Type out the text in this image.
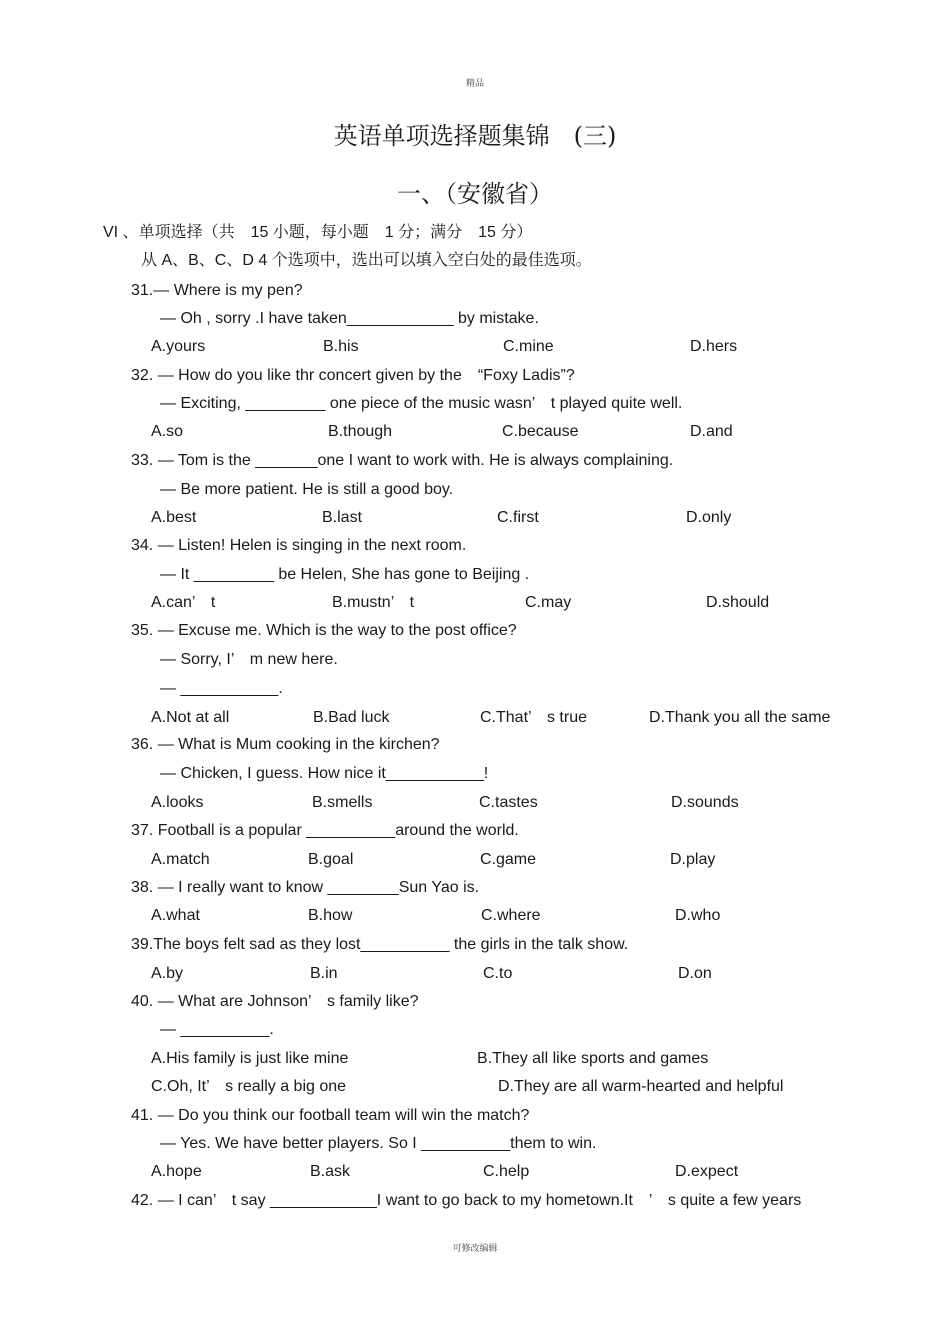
精品
英语单项选择题集锦　(三)
一、（安徽省）
VI 、单项选择（共　15 小题，每小题　1 分；满分　15 分）
从 A、B、C、D 4 个选项中，选出可以填入空白处的最佳选项。
31.— Where is my pen?
— Oh , sorry .I have taken____________ by mistake.
A.yours	B.his	C.mine	D.hers
32. — How do you like thr concert given by the　“Foxy Ladis”?
— Exciting, _________ one piece of the music wasn’　t played quite well.
A.so	B.though	C.because	D.and
33. — Tom is the _______one I want to work with. He is always complaining.
— Be more patient. He is still a good boy.
A.best	B.last	C.first	D.only
34. — Listen! Helen is singing in the next room.
— It _________ be Helen, She has gone to Beijing .
A.can’　t	B.mustn’　t	C.may	D.should
35. — Excuse me. Which is the way to the post office?
— Sorry, I’　m new here.
— ___________.
A.Not at all	B.Bad luck	C.That’　s true	D.Thank you all the same
36. — What is Mum cooking in the kirchen?
— Chicken, I guess. How nice it___________!
A.looks	B.smells	C.tastes	D.sounds
37. Football is a popular __________around the world.
A.match	B.goal	C.game	D.play
38. — I really want to know ________Sun Yao is.
A.what	B.how	C.where	D.who
39.The boys felt sad as they lost__________ the girls in the talk show.
A.by	B.in	C.to	D.on
40. — What are Johnson’　s family like?
— __________.
A.His family is just like mine	B.They all like sports and games
C.Oh, It’　s really a big one	D.They are all warm-hearted and helpful
41. — Do you think our football team will win the match?
— Yes. We have better players. So I __________them to win.
A.hope	B.ask	C.help	D.expect
42. — I can’　t say ____________I want to go back to my hometown.It　’　s quite a few years
可修改编辑
